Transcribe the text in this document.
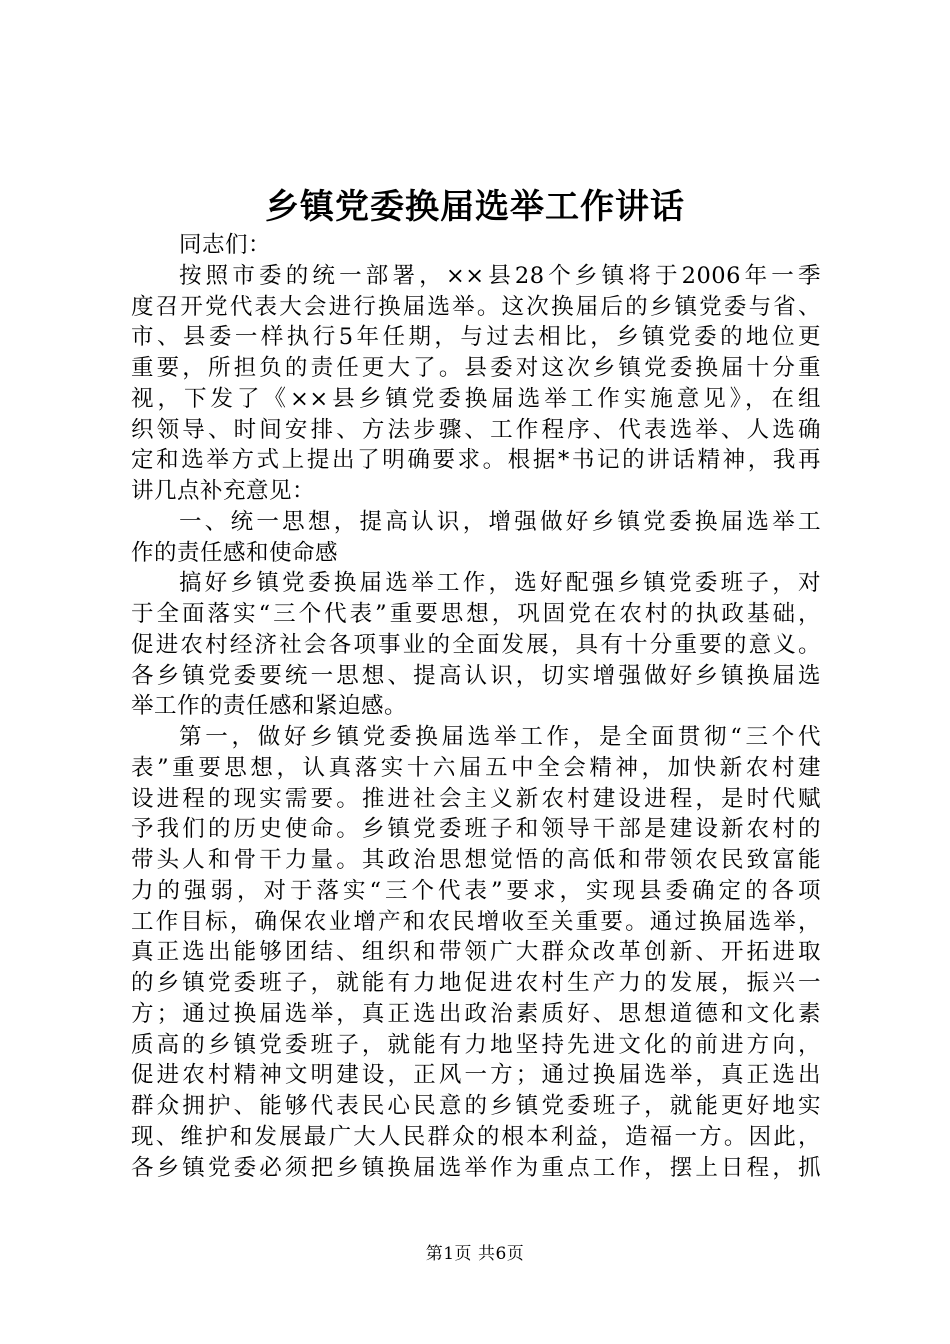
乡镇党委换届选举工作讲话
同志们：
按照市委的统一部署，××县28个乡镇将于2006年一季
度召开党代表大会进行换届选举。这次换届后的乡镇党委与省、
市、县委一样执行5年任期，与过去相比，乡镇党委的地位更
重要，所担负的责任更大了。县委对这次乡镇党委换届十分重
视，下发了《××县乡镇党委换届选举工作实施意见》，在组
织领导、时间安排、方法步骤、工作程序、代表选举、人选确
定和选举方式上提出了明确要求。根据*书记的讲话精神，我再
讲几点补充意见：
一、统一思想，提高认识，增强做好乡镇党委换届选举工
作的责任感和使命感
搞好乡镇党委换届选举工作，选好配强乡镇党委班子，对
于全面落实“三个代表”重要思想，巩固党在农村的执政基础，
促进农村经济社会各项事业的全面发展，具有十分重要的意义。
各乡镇党委要统一思想、提高认识，切实增强做好乡镇换届选
举工作的责任感和紧迫感。
第一，做好乡镇党委换届选举工作，是全面贯彻“三个代
表”重要思想，认真落实十六届五中全会精神，加快新农村建
设进程的现实需要。推进社会主义新农村建设进程，是时代赋
予我们的历史使命。乡镇党委班子和领导干部是建设新农村的
带头人和骨干力量。其政治思想觉悟的高低和带领农民致富能
力的强弱，对于落实“三个代表”要求，实现县委确定的各项
工作目标，确保农业增产和农民增收至关重要。通过换届选举，
真正选出能够团结、组织和带领广大群众改革创新、开拓进取
的乡镇党委班子，就能有力地促进农村生产力的发展，振兴一
方；通过换届选举，真正选出政治素质好、思想道德和文化素
质高的乡镇党委班子，就能有力地坚持先进文化的前进方向，
促进农村精神文明建设，正风一方；通过换届选举，真正选出
群众拥护、能够代表民心民意的乡镇党委班子，就能更好地实
现、维护和发展最广大人民群众的根本利益，造福一方。因此，
各乡镇党委必须把乡镇换届选举作为重点工作，摆上日程，抓
第1页 共6页
